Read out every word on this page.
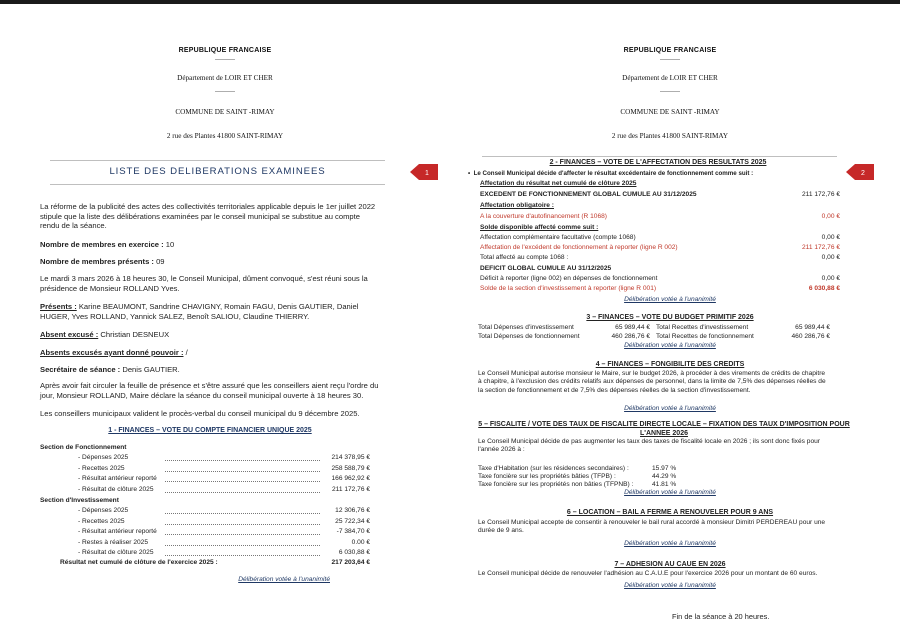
REPUBLIQUE FRANCAISE
----------
Département de LOIR ET CHER
----------
COMMUNE DE SAINT -RIMAY
2 rue des Plantes 41800 SAINT-RIMAY
LISTE DES DELIBERATIONS EXAMINEES	1

La réforme de la publicité des actes des collectivités territoriales applicable depuis le 1er juillet 2022 stipule que la liste des délibérations examinées par le conseil municipal se substitue au compte rendu de la séance.

Nombre de membres en exercice : 10

Nombre de membres présents : 09

Le mardi 3 mars 2026 à 18 heures 30, le Conseil Municipal, dûment convoqué, s'est réuni sous la présidence de Monsieur ROLLAND Yves.

Présents : Karine BEAUMONT, Sandrine CHAVIGNY, Romain FAGU, Denis GAUTIER, Daniel HUGER, Yves ROLLAND, Yannick SALEZ, Benoît SALIOU, Claudine THIERRY.

Absent excusé : Christian DESNEUX

Absents excusés ayant donné pouvoir : /

Secrétaire de séance : Denis GAUTIER.

Après avoir fait circuler la feuille de présence et s'être assuré que les conseillers aient reçu l'ordre du jour, Monsieur ROLLAND, Maire déclare la séance du conseil municipal ouverte à 18 heures 30.

Les conseillers municipaux valident le procès-verbal du conseil municipal du 9 décembre 2025.

1 - FINANCES – VOTE DU COMPTE FINANCIER UNIQUE 2025
Section de Fonctionnement
- Dépenses 2025	214 378,95 €
- Recettes 2025	258 588,79 €
- Résultat antérieur reporté	166 962,92 €
- Résultat de clôture 2025	211 172,76 €
Section d'Investissement
- Dépenses 2025	12 306,76 €
- Recettes 2025	25 722,34 €
- Résultat antérieur reporté	-7 384,70 €
- Restes à réaliser 2025	0.00 €
- Résultat de clôture 2025	6 030,88 €
Résultat net cumulé de clôture de l'exercice 2025 :	217 203,64 €
Délibération votée à l'unanimité
REPUBLIQUE FRANCAISE
----------
Département de LOIR ET CHER
----------
COMMUNE DE SAINT -RIMAY
2 rue des Plantes 41800 SAINT-RIMAY
2 - FINANCES – VOTE DE L'AFFECTATION DES RESULTATS 2025
2
•  Le Conseil Municipal décide d'affecter le résultat excédentaire de fonctionnement comme suit :
Affectation du résultat net cumulé de clôture 2025
EXCEDENT DE FONCTIONNEMENT GLOBAL CUMULE AU 31/12/2025	211 172,76 €
Affectation obligatoire :
A la couverture d'autofinancement (R 1068)	0,00 €
Solde disponible affecté comme suit :
Affectation complémentaire facultative (compte 1068)	0,00 €
Affectation de l'excédent de fonctionnement à reporter (ligne R 002)	211 172,76 €
Total affecté au compte 1068 :	0,00 €
DEFICIT GLOBAL CUMULE AU 31/12/2025
Déficit à reporter (ligne 002) en dépenses de fonctionnement	0,00 €
Solde de la section d'investissement à reporter (ligne R 001)	6 030,88 €
Délibération votée à l'unanimité
3 – FINANCES – VOTE DU BUDGET PRIMITIF 2026
Total Dépenses d'investissement	65 989,44 € Total Recettes d'investissement	65 989,44 €
Total Dépenses de fonctionnement	460 286,76 € Total Recettes de fonctionnement	460 286,76 €
Délibération votée à l'unanimité
4 – FINANCES – FONGIBILITE DES CREDITS

Le Conseil Municipal autorise monsieur le Maire, sur le budget 2026, à procéder à des virements de crédits de chapitre à chapitre, à l'exclusion des crédits relatifs aux dépenses de personnel, dans la limite de 7,5% des dépenses réelles de la section de fonctionnement et de 7,5% des dépenses réelles de la section d'investissement.

Délibération votée à l'unanimité
5 – FISCALITE / VOTE DES TAUX DE FISCALITE DIRECTE LOCALE – FIXATION DES TAUX D'IMPOSITION POUR L'ANNEE 2026

Le Conseil Municipal décide de pas augmenter les taux des taxes de fiscalité locale en 2026 ; ils sont donc fixés pour l'année 2026 à :

Taxe d'Habitation (sur les résidences secondaires) :	15.97 %
Taxe foncière sur les propriétés bâties (TFPB) :	44.29 %
Taxe foncière sur les propriétés non bâties (TFPNB) :	41.81 %
Délibération votée à l'unanimité
6 – LOCATION – BAIL A FERME A RENOUVELER POUR 9 ANS

Le Conseil Municipal accepte de consentir à renouveler le bail rural accordé à monsieur Dimitri PERDEREAU pour une durée de 9 ans.

Délibération votée à l'unanimité
7 – ADHESION AU CAUE EN 2026

Le Conseil municipal décide de renouveler l'adhésion au C.A.U.E pour l'exercice 2026 pour un montant de 60 euros.

Délibération votée à l'unanimité
Fin de la séance à 20 heures.
